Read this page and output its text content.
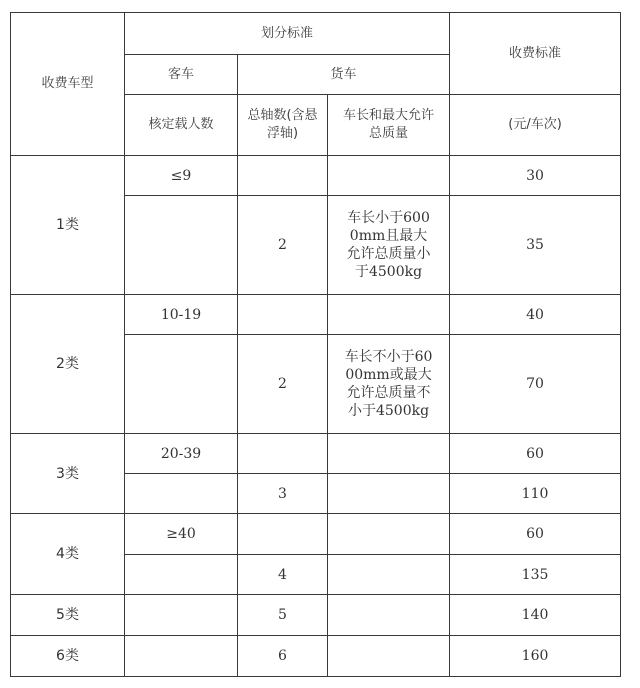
收费车型	划分标准			收费标准
	客车	货车		
	核定载人数	总轴数(含悬浮轴)	车长和最大允许总质量	(元/车次)
1类	≤9			30
		2	车长小于6000mm且最大允许总质量小于4500kg	35
2类	10-19			40
		2	车长不小于6000mm或最大允许总质量不小于4500kg	70
3类	20-39			60
		3		110
4类	≥40			60
		4		135
5类		5		140
6类		6		160
